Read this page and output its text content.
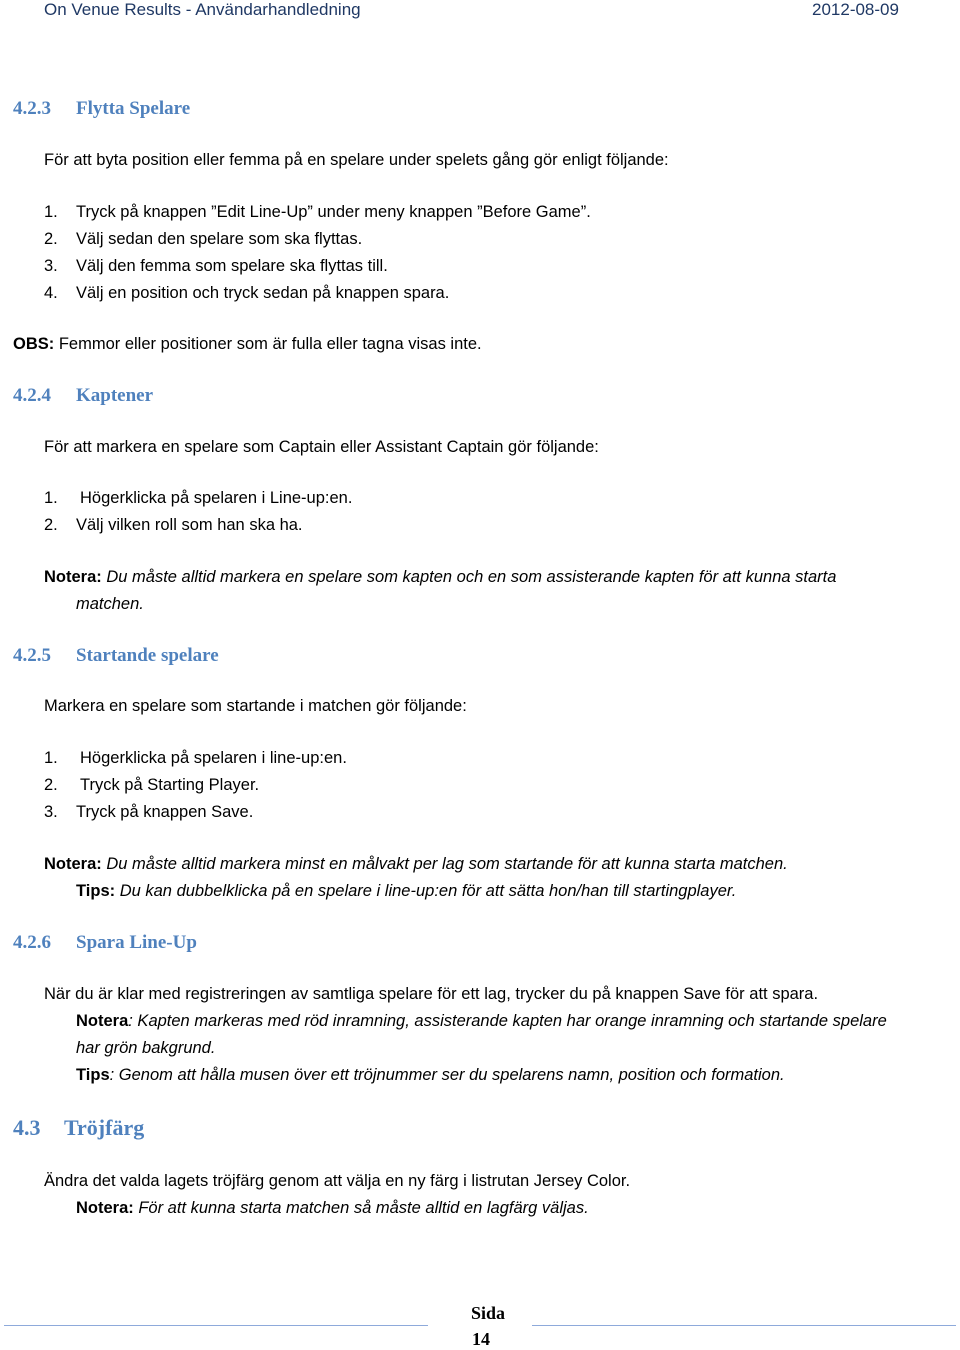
On Venue Results - Användarhandledning	2012-08-09
4.2.3 Flytta Spelare
För att byta position eller femma på en spelare under spelets gång gör enligt följande:
1. Tryck på knappen ”Edit Line-Up” under meny knappen ”Before Game”.
2. Välj sedan den spelare som ska flyttas.
3. Välj den femma som spelare ska flyttas till.
4. Välj en position och tryck sedan på knappen spara.
OBS: Femmor eller positioner som är fulla eller tagna visas inte.
4.2.4 Kaptener
För att markera en spelare som Captain eller Assistant Captain gör följande:
1. Högerklicka på spelaren i Line-up:en.
2. Välj vilken roll som han ska ha.
Notera: Du måste alltid markera en spelare som kapten och en som assisterande kapten för att kunna starta
matchen.
4.2.5 Startande spelare
Markera en spelare som startande i matchen gör följande:
1. Högerklicka på spelaren i line-up:en.
2. Tryck på Starting Player.
3. Tryck på knappen Save.
Notera: Du måste alltid markera minst en målvakt per lag som startande för att kunna starta matchen.
Tips: Du kan dubbelklicka på en spelare i line-up:en för att sätta hon/han till startingplayer.
4.2.6 Spara Line-Up
När du är klar med registreringen av samtliga spelare för ett lag, trycker du på knappen Save för att spara.
Notera: Kapten markeras med röd inramning, assisterande kapten har orange inramning och startande spelare
har grön bakgrund.
Tips: Genom att hålla musen över ett tröjnummer ser du spelarens namn, position och formation.
4.3 Tröjfärg
Ändra det valda lagets tröjfärg genom att välja en ny färg i listrutan Jersey Color.
Notera: För att kunna starta matchen så måste alltid en lagfärg väljas.
Sida
14
